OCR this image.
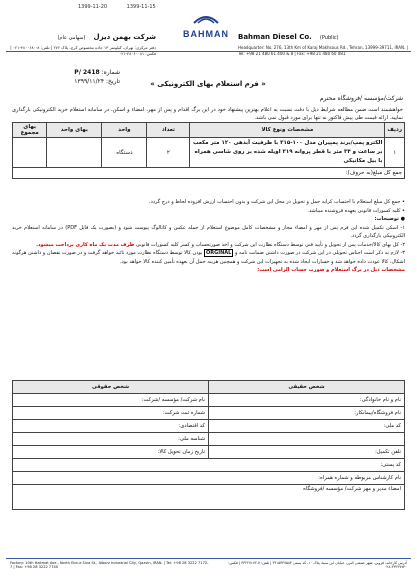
1399-11-20	1399-11-15
شرکت بهمن دیزل (سهامی عام)
دفتر مرکزی: تهران، کیلومتر ۱۳ جاده مخصوص کرج، پلاک ۲۷۶ | تلفن: ۸-۴۸۰۰۶۸۰-۰۲۱ | فکس: ۴۸۰۶۰۰۸۱-۰۲۱
BAHMAN	Bahman Diesel Co. (Public)
Headquarter: No. 276, 13th Km of Karaj Makhsous Rd., Tehran, 13999-39711, IRAN. | Tel: +98 21 480 61 400 & 8 | Fax: +98 21 480 60 081
شماره: P/ 2418
تاریخ: ۱۳۹۹/۱۱/۲۴	« فرم استعلام بهای الکترونیکی »
شرکت/مؤسسه /فروشگاه محترم
خواهشمند است ضمن مطالعه شرایط ذیل با دقت نسبت به اعلام بهترین پیشنهاد خود در این برگ اقدام و پس از مهر، امضاء و اسکن، در سامانه استعلام خرید الکترونیکی بارگذاری نمایید. ارائه قیمت طی پیش فاکتور نه تنها برای مورد قبول نمی باشد.
ردیف	مشخصات ونوع کالا	تعداد	واحد	بهای واحد	بهای مجموع
۱	الکترو پمپ/برند پمپیران مدل ۱۰۰-۳۱۵ با ظرفیت آبدهی ۱۲۰ متر مکعب بر ساعت و ۳۴ متر با قطر پروانه ۳۱۹ اویله شده بر روی شاسی همراه با بیل مکانیکی	۲	دستگاه		
جمع کل مبلغ(به حروف):					

• جمع کل مبلغ استعلام با احتساب کرایه حمل و تحویل در محل این شرکت و بدون احتساب ارزش افزوده لحاظ و درج گردد.

• کلیه کسورات قانونی بعهده فروشنده میباشد.

● توضیحات:

۱- اسکن تکمیل شده این فرم پس از مهر و امضاء مجاز و مشخصات کامل موضوع استعلام از جمله عکس و کاتالوگ پیوست شود و (بصورت یک فایل PDF) در سامانه استعلام خرید الکترونیکی بارگذاری گردد.

۲- کل بهای کالا/خدمات پس از تحویل و تأیید فنی توسط دستگاه نظارت این شرکت و اخذ صورتحساب و کسر کلیه کسورات قانونی ظرف مدت یک ماه کاری پرداخت میشود.

۳- لازم به ذکر است اجناس تحویلی در این شرکت در صورت داشتن ضمانت نامه و ORGINAL بودن کالا توسط دستگاه نظارت مورد تائید خواهد گرفت و در صورت نقصان و داشتن هرگونه اشکال، کالا عودت داده خواهد شد و خسارات ایجاد شده به تجهیزات این شرکت و همچنین هزینه حمل آن بعهده تأمین کننده کالا خواهد بود.

مشخصات ذیل در برگ استعلام و صورت حساب الزامی است:

شخص حقیقی	شخص حقوقی
نام و نام خانوادگی:	نام شرکت/ مؤسسه /شرکت:
نام فروشگاه/پیمانکار:	شماره ثبت شرکت:
کد ملی:	کد اقتصادی:
	شناسه ملی:
تلفن تکمیل:	تاریخ زمان تحویل کالا:
کد پستی:	
نام کارشناس مربوطه و شماره همراه:	
امضاء مدیر و مهر شرکت/ مؤسسه /فروشگاه	
آدرس کارخانه: قزوین، شهر صنعتی البرز، خیابان ابن سینا، پلاک ۱۰، کد پستی ۳۴۱۵۳۳۷۵۸۴ | تلفن: ۷-۳۳۲۲۷۱۷۲ | فکس: ۳۳۲۲۷۷۴۰-۰۲۸
Factory: 10th Hakmat Ave., North Ebn-e Sina St., Alborz Industrial City, Qazvin, IRAN. | Tel: +98 28 3222 7172-7 | Fax: +98 28 3222 7740
